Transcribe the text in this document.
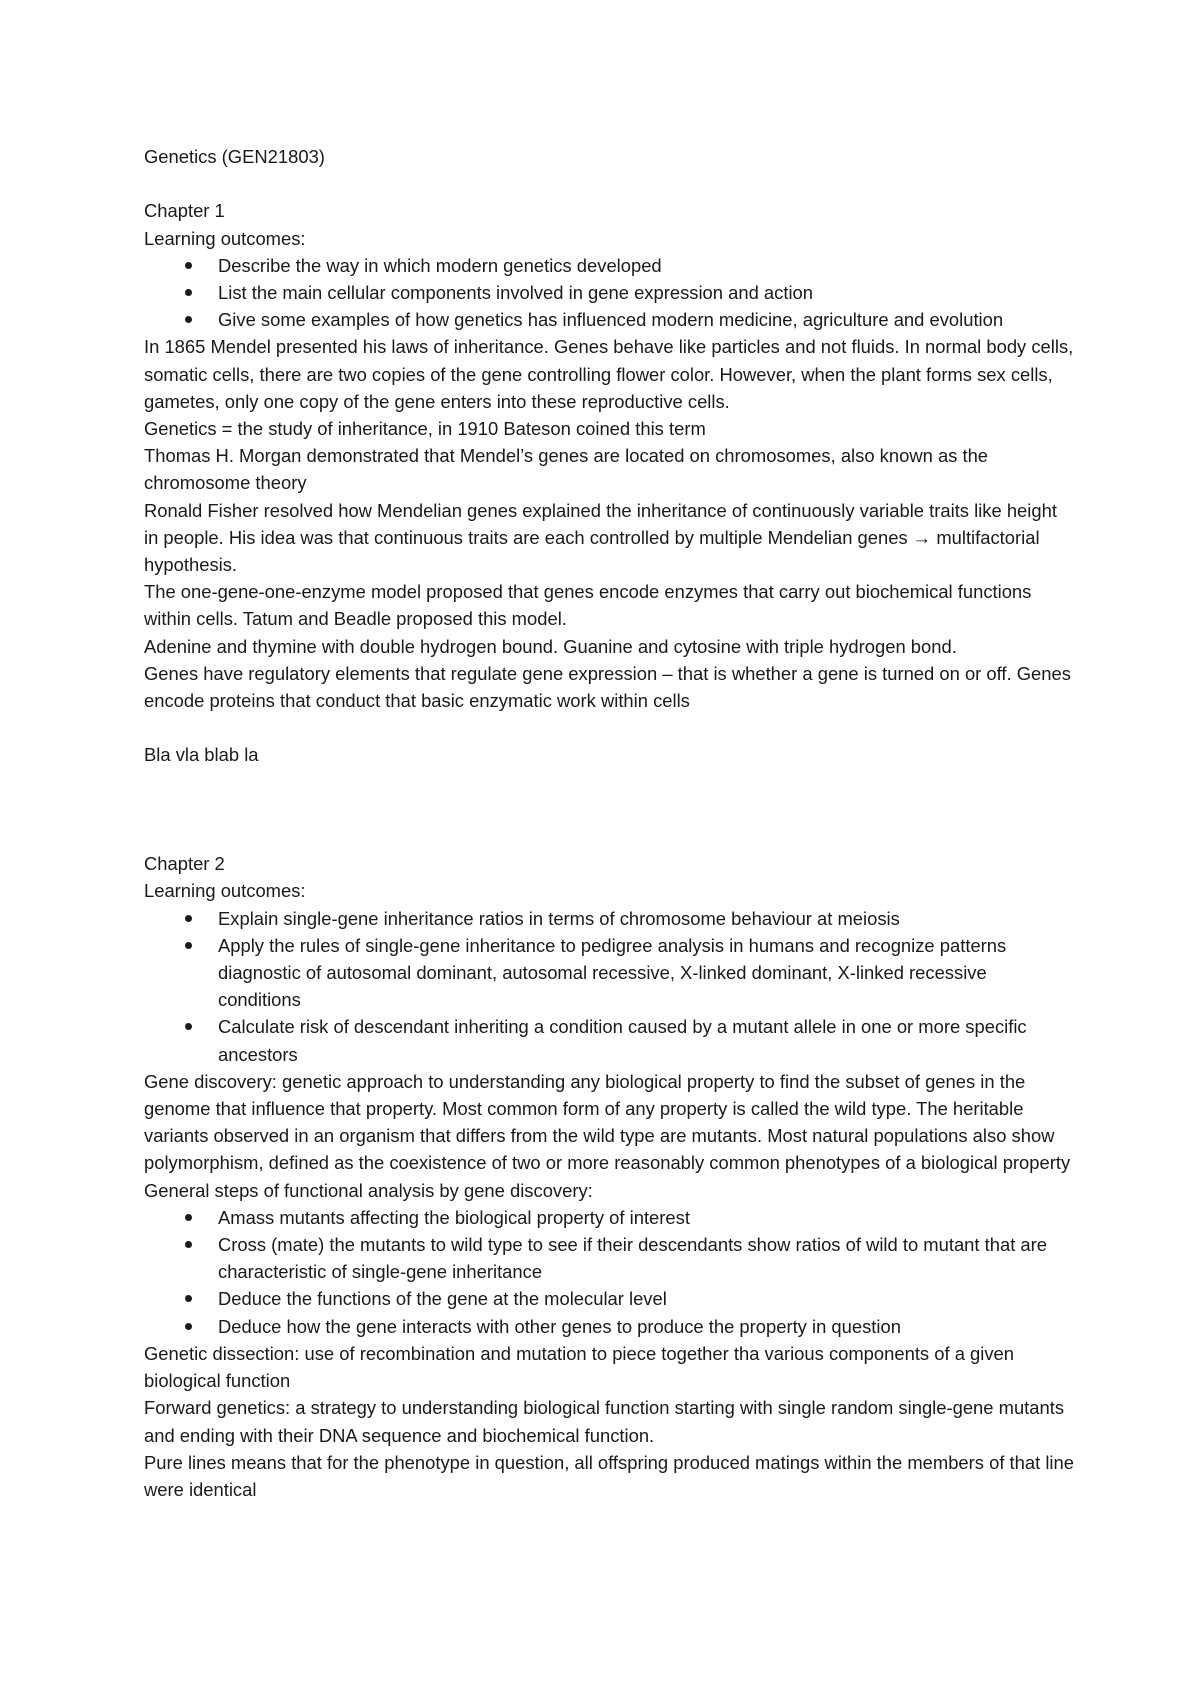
Genetics (GEN21803)

Chapter 1

Learning outcomes:

Describe the way in which modern genetics developed
List the main cellular components involved in gene expression and action
Give some examples of how genetics has influenced modern medicine, agriculture and evolution

In 1865 Mendel presented his laws of inheritance. Genes behave like particles and not fluids. In normal body cells, somatic cells, there are two copies of the gene controlling flower color. However, when the plant forms sex cells, gametes, only one copy of the gene enters into these reproductive cells.

Genetics = the study of inheritance, in 1910 Bateson coined this term

Thomas H. Morgan demonstrated that Mendel’s genes are located on chromosomes, also known as the chromosome theory

Ronald Fisher resolved how Mendelian genes explained the inheritance of continuously variable traits like height in people. His idea was that continuous traits are each controlled by multiple Mendelian genes → multifactorial hypothesis.

The one-gene-one-enzyme model proposed that genes encode enzymes that carry out biochemical functions within cells. Tatum and Beadle proposed this model.

Adenine and thymine with double hydrogen bound. Guanine and cytosine with triple hydrogen bond.

Genes have regulatory elements that regulate gene expression – that is whether a gene is turned on or off. Genes encode proteins that conduct that basic enzymatic work within cells

Bla vla blab la

Chapter 2

Learning outcomes:

Explain single-gene inheritance ratios in terms of chromosome behaviour at meiosis
Apply the rules of single-gene inheritance to pedigree analysis in humans and recognize patterns diagnostic of autosomal dominant, autosomal recessive, X-linked dominant, X-linked recessive conditions
Calculate risk of descendant inheriting a condition caused by a mutant allele in one or more specific ancestors

Gene discovery: genetic approach to understanding any biological property to find the subset of genes in the genome that influence that property. Most common form of any property is called the wild type. The heritable variants observed in an organism that differs from the wild type are mutants. Most natural populations also show polymorphism, defined as the coexistence of two or more reasonably common phenotypes of a biological property

General steps of functional analysis by gene discovery:

Amass mutants affecting the biological property of interest
Cross (mate) the mutants to wild type to see if their descendants show ratios of wild to mutant that are characteristic of single-gene inheritance
Deduce the functions of the gene at the molecular level
Deduce how the gene interacts with other genes to produce the property in question

Genetic dissection: use of recombination and mutation to piece together tha various components of a given biological function

Forward genetics: a strategy to understanding biological function starting with single random single-gene mutants and ending with their DNA sequence and biochemical function.

Pure lines means that for the phenotype in question, all offspring produced matings within the members of that line were identical
